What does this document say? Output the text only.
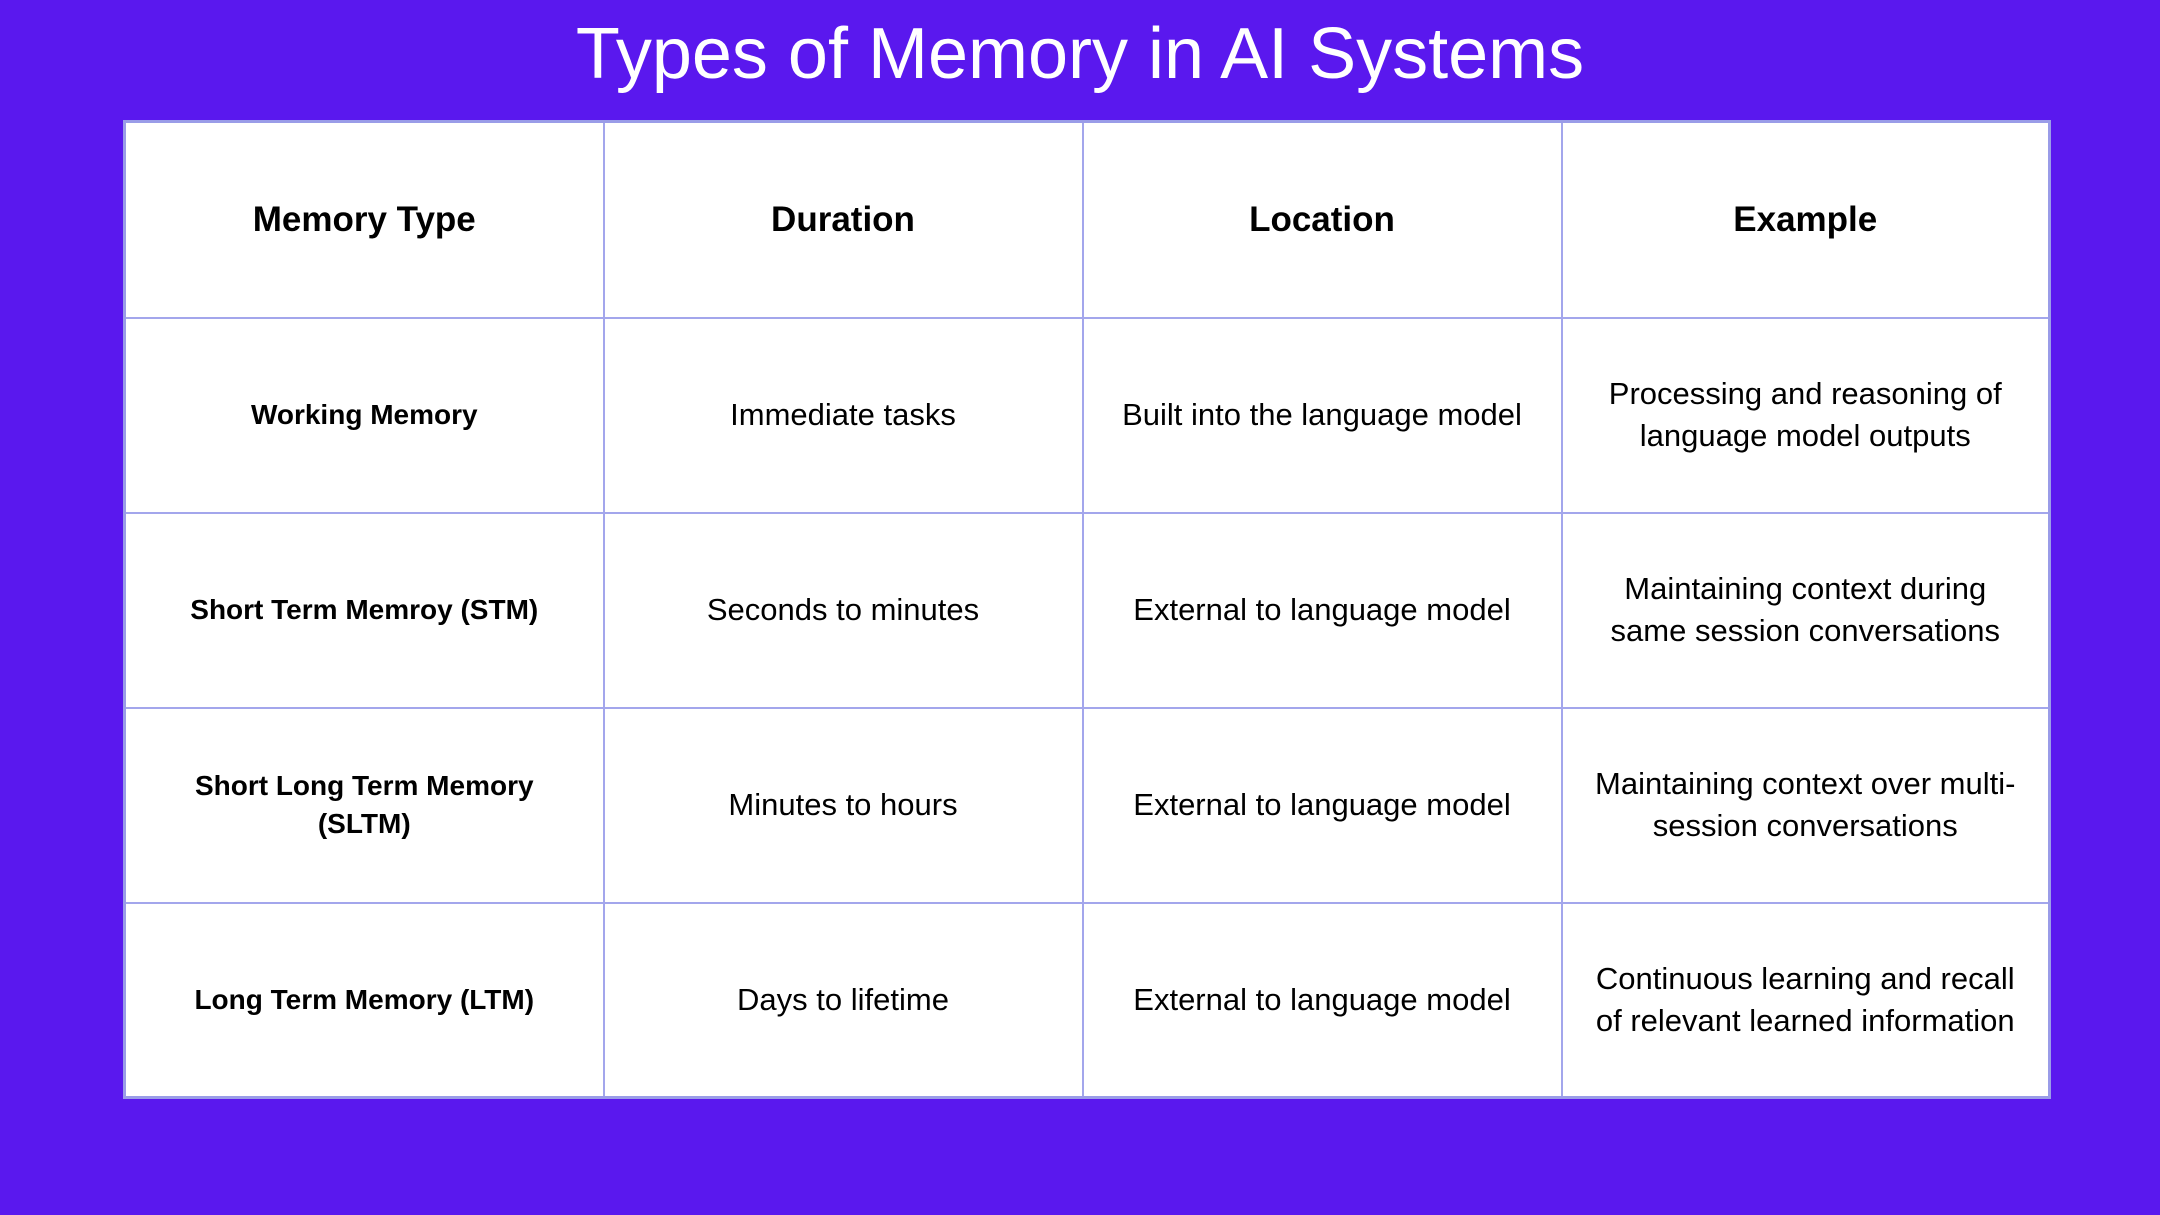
Types of Memory in AI Systems
Memory Type	Duration	Location	Example
Working Memory	Immediate tasks	Built into the language model	Processing and reasoning of language model outputs
Short Term Memroy (STM)	Seconds to minutes	External to language model	Maintaining context during same session conversations
Short Long Term Memory (SLTM)	Minutes to hours	External to language model	Maintaining context over multi-session conversations
Long Term Memory (LTM)	Days to lifetime	External to language model	Continuous learning and recall of relevant learned information
